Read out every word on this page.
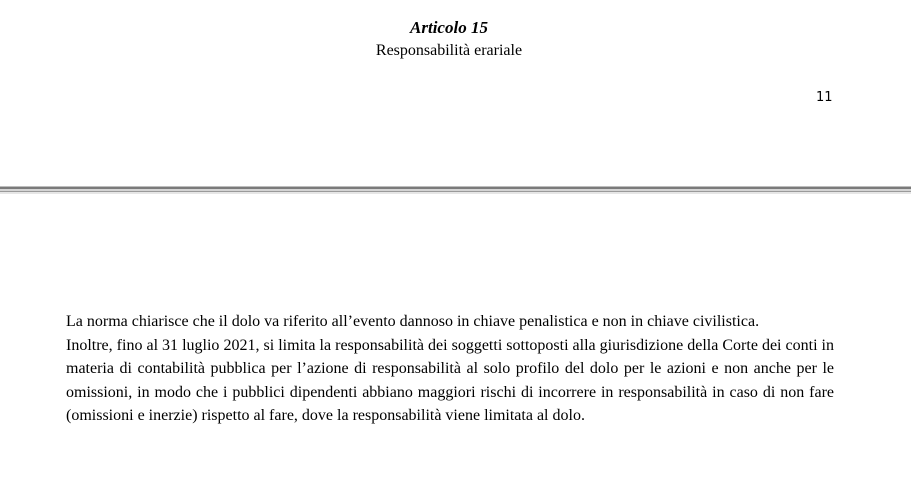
Articolo 15
Responsabilità erariale
11

La norma chiarisce che il dolo va riferito all’evento dannoso in chiave penalistica e non in chiave civilistica.

Inoltre, fino al 31 luglio 2021, si limita la responsabilità dei soggetti sottoposti alla giurisdizione della Corte dei conti in materia di contabilità pubblica per l’azione di responsabilità al solo profilo del dolo per le azioni e non anche per le omissioni, in modo che i pubblici dipendenti abbiano maggiori rischi di incorrere in responsabilità in caso di non fare (omissioni e inerzie) rispetto al fare, dove la responsabilità viene limitata al dolo.
